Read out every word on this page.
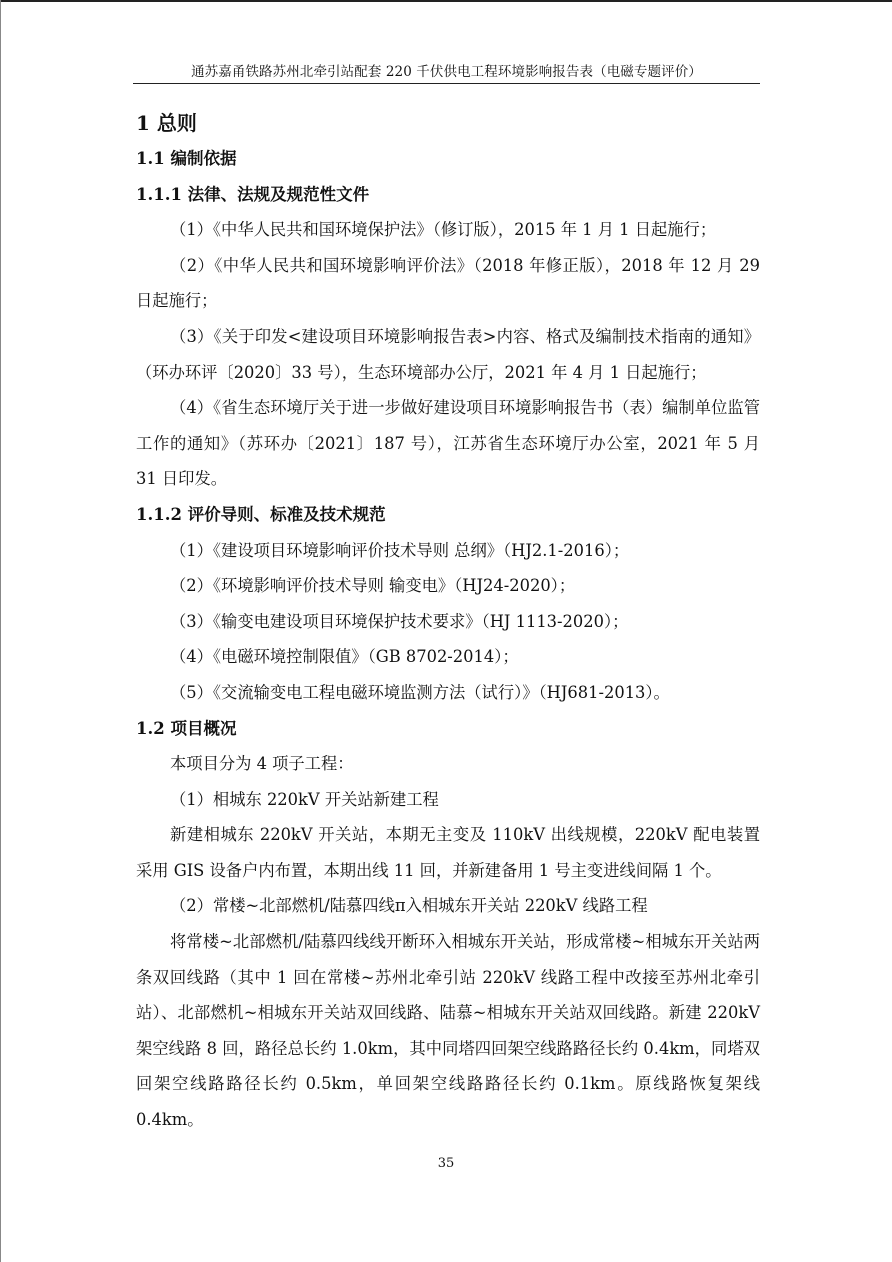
通苏嘉甬铁路苏州北牵引站配套 220 千伏供电工程环境影响报告表（电磁专题评价）
1 总则
1.1 编制依据
1.1.1 法律、法规及规范性文件

（1）《中华人民共和国环境保护法》（修订版），2015 年 1 月 1 日起施行；

（2）《中华人民共和国环境影响评价法》（2018 年修正版），2018 年 12 月 29 日起施行；

（3）《关于印发<建设项目环境影响报告表>内容、格式及编制技术指南的通知》（环办环评〔2020〕33 号），生态环境部办公厅，2021 年 4 月 1 日起施行；

（4）《省生态环境厅关于进一步做好建设项目环境影响报告书（表）编制单位监管工作的通知》（苏环办〔2021〕187 号），江苏省生态环境厅办公室，2021 年 5 月 31 日印发。

1.1.2 评价导则、标准及技术规范

（1）《建设项目环境影响评价技术导则 总纲》（HJ2.1-2016）；

（2）《环境影响评价技术导则 输变电》（HJ24-2020）；

（3）《输变电建设项目环境保护技术要求》（HJ 1113-2020）；

（4）《电磁环境控制限值》（GB 8702-2014）；

（5）《交流输变电工程电磁环境监测方法（试行）》（HJ681-2013）。

1.2 项目概况

本项目分为 4 项子工程：

（1）相城东 220kV 开关站新建工程

新建相城东 220kV 开关站，本期无主变及 110kV 出线规模，220kV 配电装置采用 GIS 设备户内布置，本期出线 11 回，并新建备用 1 号主变进线间隔 1 个。

（2）常楼~北部燃机/陆慕四线π入相城东开关站 220kV 线路工程

将常楼~北部燃机/陆慕四线线开断环入相城东开关站，形成常楼~相城东开关站两条双回线路（其中 1 回在常楼~苏州北牵引站 220kV 线路工程中改接至苏州北牵引站）、北部燃机~相城东开关站双回线路、陆慕~相城东开关站双回线路。新建 220kV 架空线路 8 回，路径总长约 1.0km，其中同塔四回架空线路路径长约 0.4km，同塔双回架空线路路径长约 0.5km，单回架空线路路径长约 0.1km。原线路恢复架线 0.4km。

35
